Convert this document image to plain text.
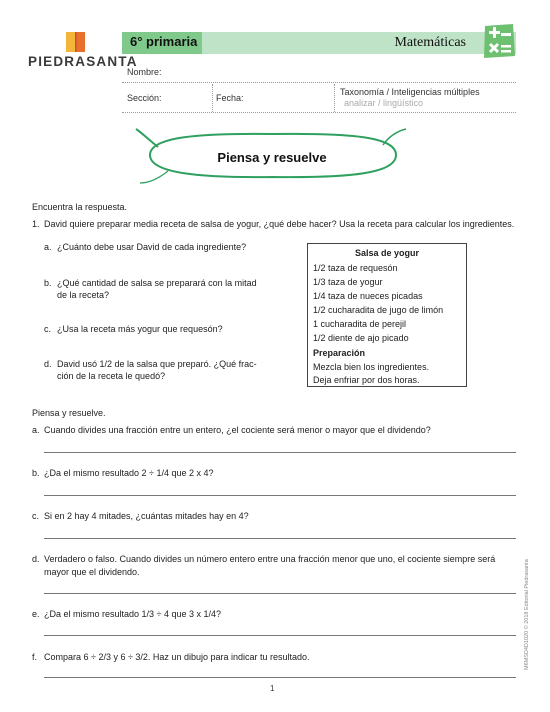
PIEDRASANTA
6° primaria	Matemáticas
Nombre:
Sección:	Fecha:
Taxonomía / Inteligencias múltiples
analizar / lingüístico
Piensa y resuelve
Encuentra la respuesta.
1. David quiere preparar media receta de salsa de yogur, ¿qué debe hacer? Usa la receta para calcular los ingredientes.
a. ¿Cuánto debe usar David de cada ingrediente?
b. ¿Qué cantidad de salsa se preparará con la mitad
de la receta?
c. ¿Usa la receta más yogur que requesón?
d. David usó 1/2 de la salsa que preparó. ¿Qué frac-
ción de la receta le quedó?
Salsa de yogur
1/2 taza de requesón
1/3 taza de yogur
1/4 taza de nueces picadas
1/2 cucharadita de jugo de limón
1 cucharadita de perejil
1/2 diente de ajo picado
Preparación
Mezcla bien los ingredientes.
Deja enfriar por dos horas.
Piensa y resuelve.
a. Cuando divides una fracción entre un entero, ¿el cociente será menor o mayor que el dividendo?
b. ¿Da el mismo resultado 2 ÷ 1/4 que 2 x 4?
c. Si en 2 hay 4 mitades, ¿cuántas mitades hay en 4?
d. Verdadero o falso. Cuando divides un número entero entre una fracción menor que uno, el cociente siempre será
mayor que el dividendo.
e. ¿Da el mismo resultado 1/3 ÷ 4 que 3 x 1/4?
f. Compara 6 ÷ 2/3 y 6 ÷ 3/2. Haz un dibujo para indicar tu resultado.	M6MSD4D1020 © 2018 Editorial Piedrasanta
1
